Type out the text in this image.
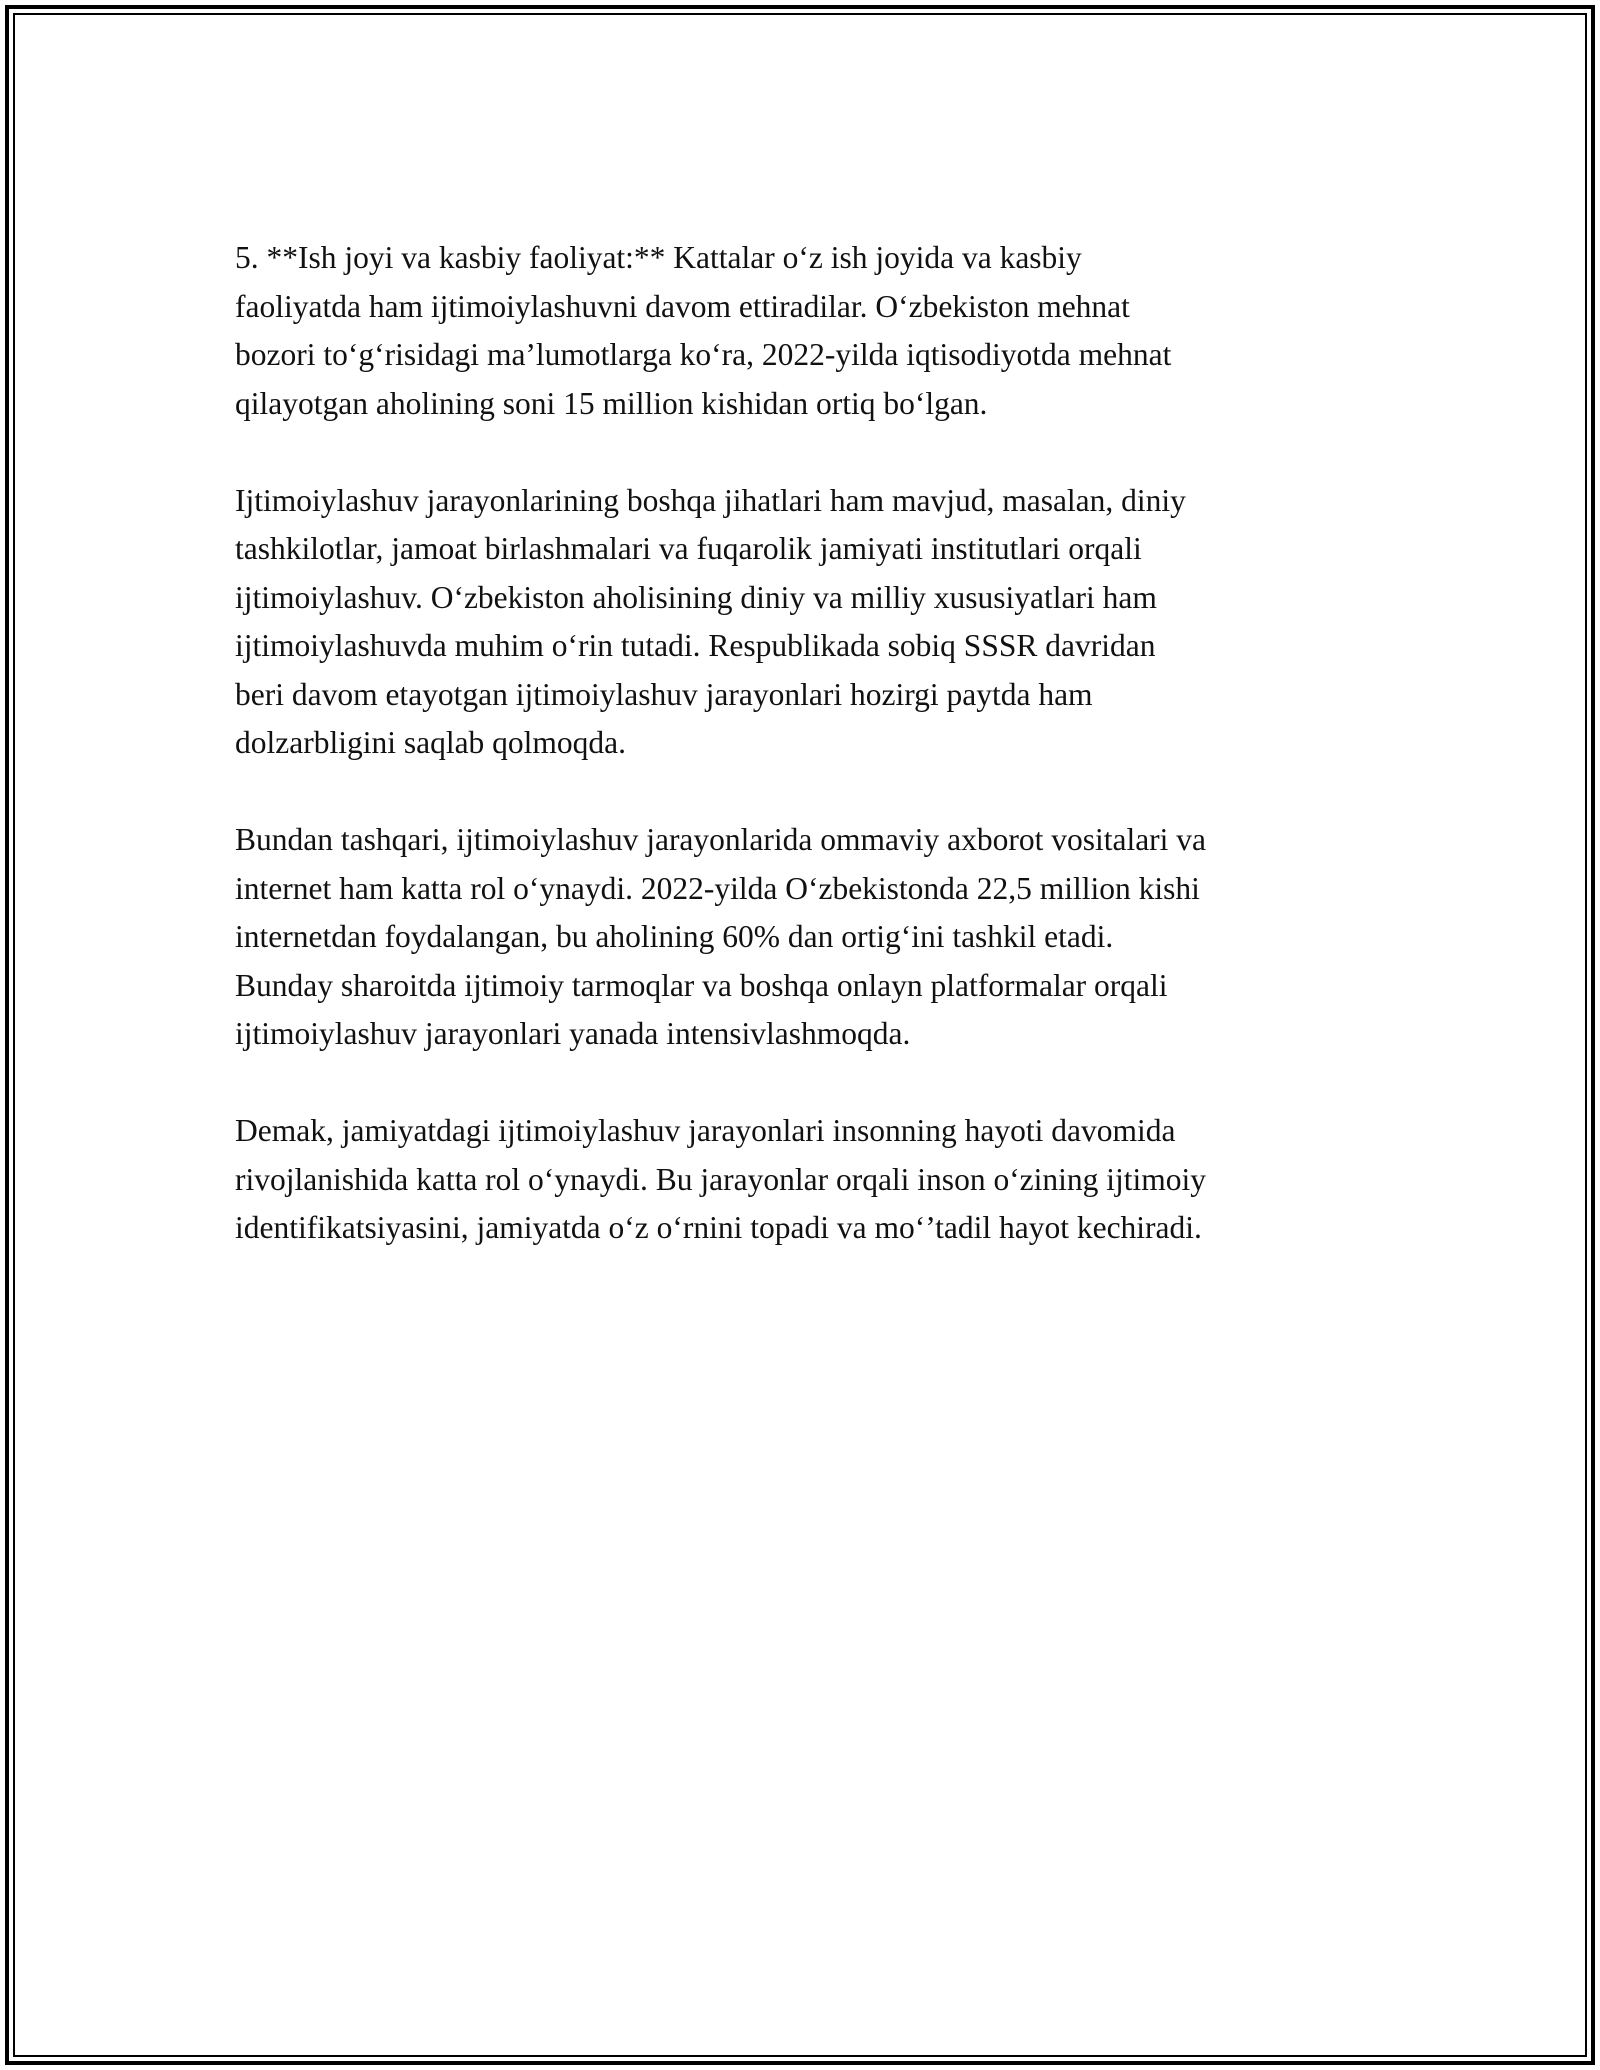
5. **Ish joyi va kasbiy faoliyat:** Kattalar o‘z ish joyida va kasbiy
faoliyatda ham ijtimoiylashuvni davom ettiradilar. O‘zbekiston mehnat
bozori to‘g‘risidagi ma’lumotlarga ko‘ra, 2022-yilda iqtisodiyotda mehnat
qilayotgan aholining soni 15 million kishidan ortiq bo‘lgan.

Ijtimoiylashuv jarayonlarining boshqa jihatlari ham mavjud, masalan, diniy
tashkilotlar, jamoat birlashmalari va fuqarolik jamiyati institutlari orqali
ijtimoiylashuv. O‘zbekiston aholisining diniy va milliy xususiyatlari ham
ijtimoiylashuvda muhim o‘rin tutadi. Respublikada sobiq SSSR davridan
beri davom etayotgan ijtimoiylashuv jarayonlari hozirgi paytda ham
dolzarbligini saqlab qolmoqda.

Bundan tashqari, ijtimoiylashuv jarayonlarida ommaviy axborot vositalari va
internet ham katta rol o‘ynaydi. 2022-yilda O‘zbekistonda 22,5 million kishi
internetdan foydalangan, bu aholining 60% dan ortig‘ini tashkil etadi.
Bunday sharoitda ijtimoiy tarmoqlar va boshqa onlayn platformalar orqali
ijtimoiylashuv jarayonlari yanada intensivlashmoqda.

Demak, jamiyatdagi ijtimoiylashuv jarayonlari insonning hayoti davomida
rivojlanishida katta rol o‘ynaydi. Bu jarayonlar orqali inson o‘zining ijtimoiy
identifikatsiyasini, jamiyatda o‘z o‘rnini topadi va mo‘’tadil hayot kechiradi.
